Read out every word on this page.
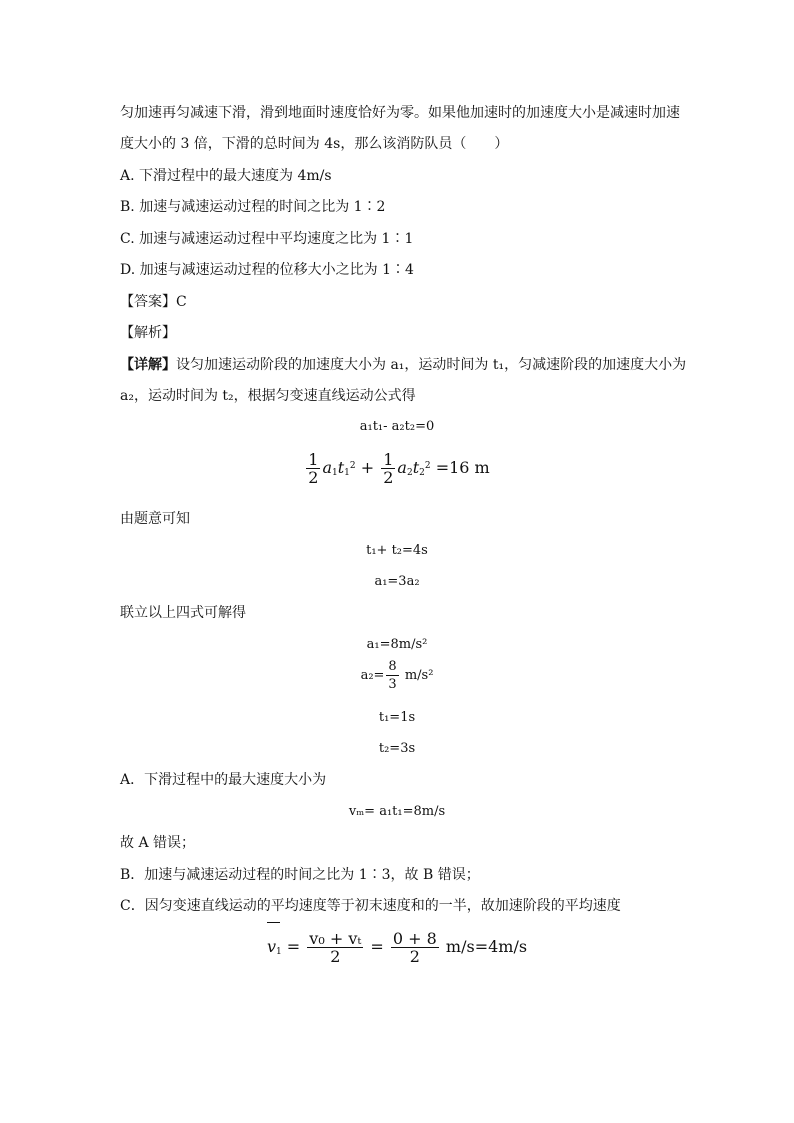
匀加速再匀减速下滑，滑到地面时速度恰好为零。如果他加速时的加速度大小是减速时加速
度大小的 3 倍，下滑的总时间为 4s，那么该消防队员（　　）
A. 下滑过程中的最大速度为 4m/s
B. 加速与减速运动过程的时间之比为 1∶2
C. 加速与减速运动过程中平均速度之比为 1∶1
D. 加速与减速运动过程的位移大小之比为 1∶4
【答案】C
【解析】
【详解】设匀加速运动阶段的加速度大小为 a₁，运动时间为 t₁，匀减速阶段的加速度大小为
a₂，运动时间为 t₂，根据匀变速直线运动公式得
a₁t₁- a₂t₂=0
$\frac{1}{2} a_1t_1^2 + \frac{1}{2} a_2t_2^2 =16$ m
由题意可知
t₁+ t₂=4s
a₁=3a₂
联立以上四式可解得
a₁=8m/s²
$a_2= \frac{8}{3} m/s^2$
t₁=1s
t₂=3s
A．下滑过程中的最大速度大小为
vₘ= a₁t₁=8m/s
故 A 错误；
B．加速与减速运动过程的时间之比为 1∶3，故 B 错误；
C．因匀变速直线运动的平均速度等于初末速度和的一半，故加速阶段的平均速度
$v_1 = \frac{\text{v₀ + vₜ}}{2} = \frac{0 + 8}{2} m/s=4m/s$
